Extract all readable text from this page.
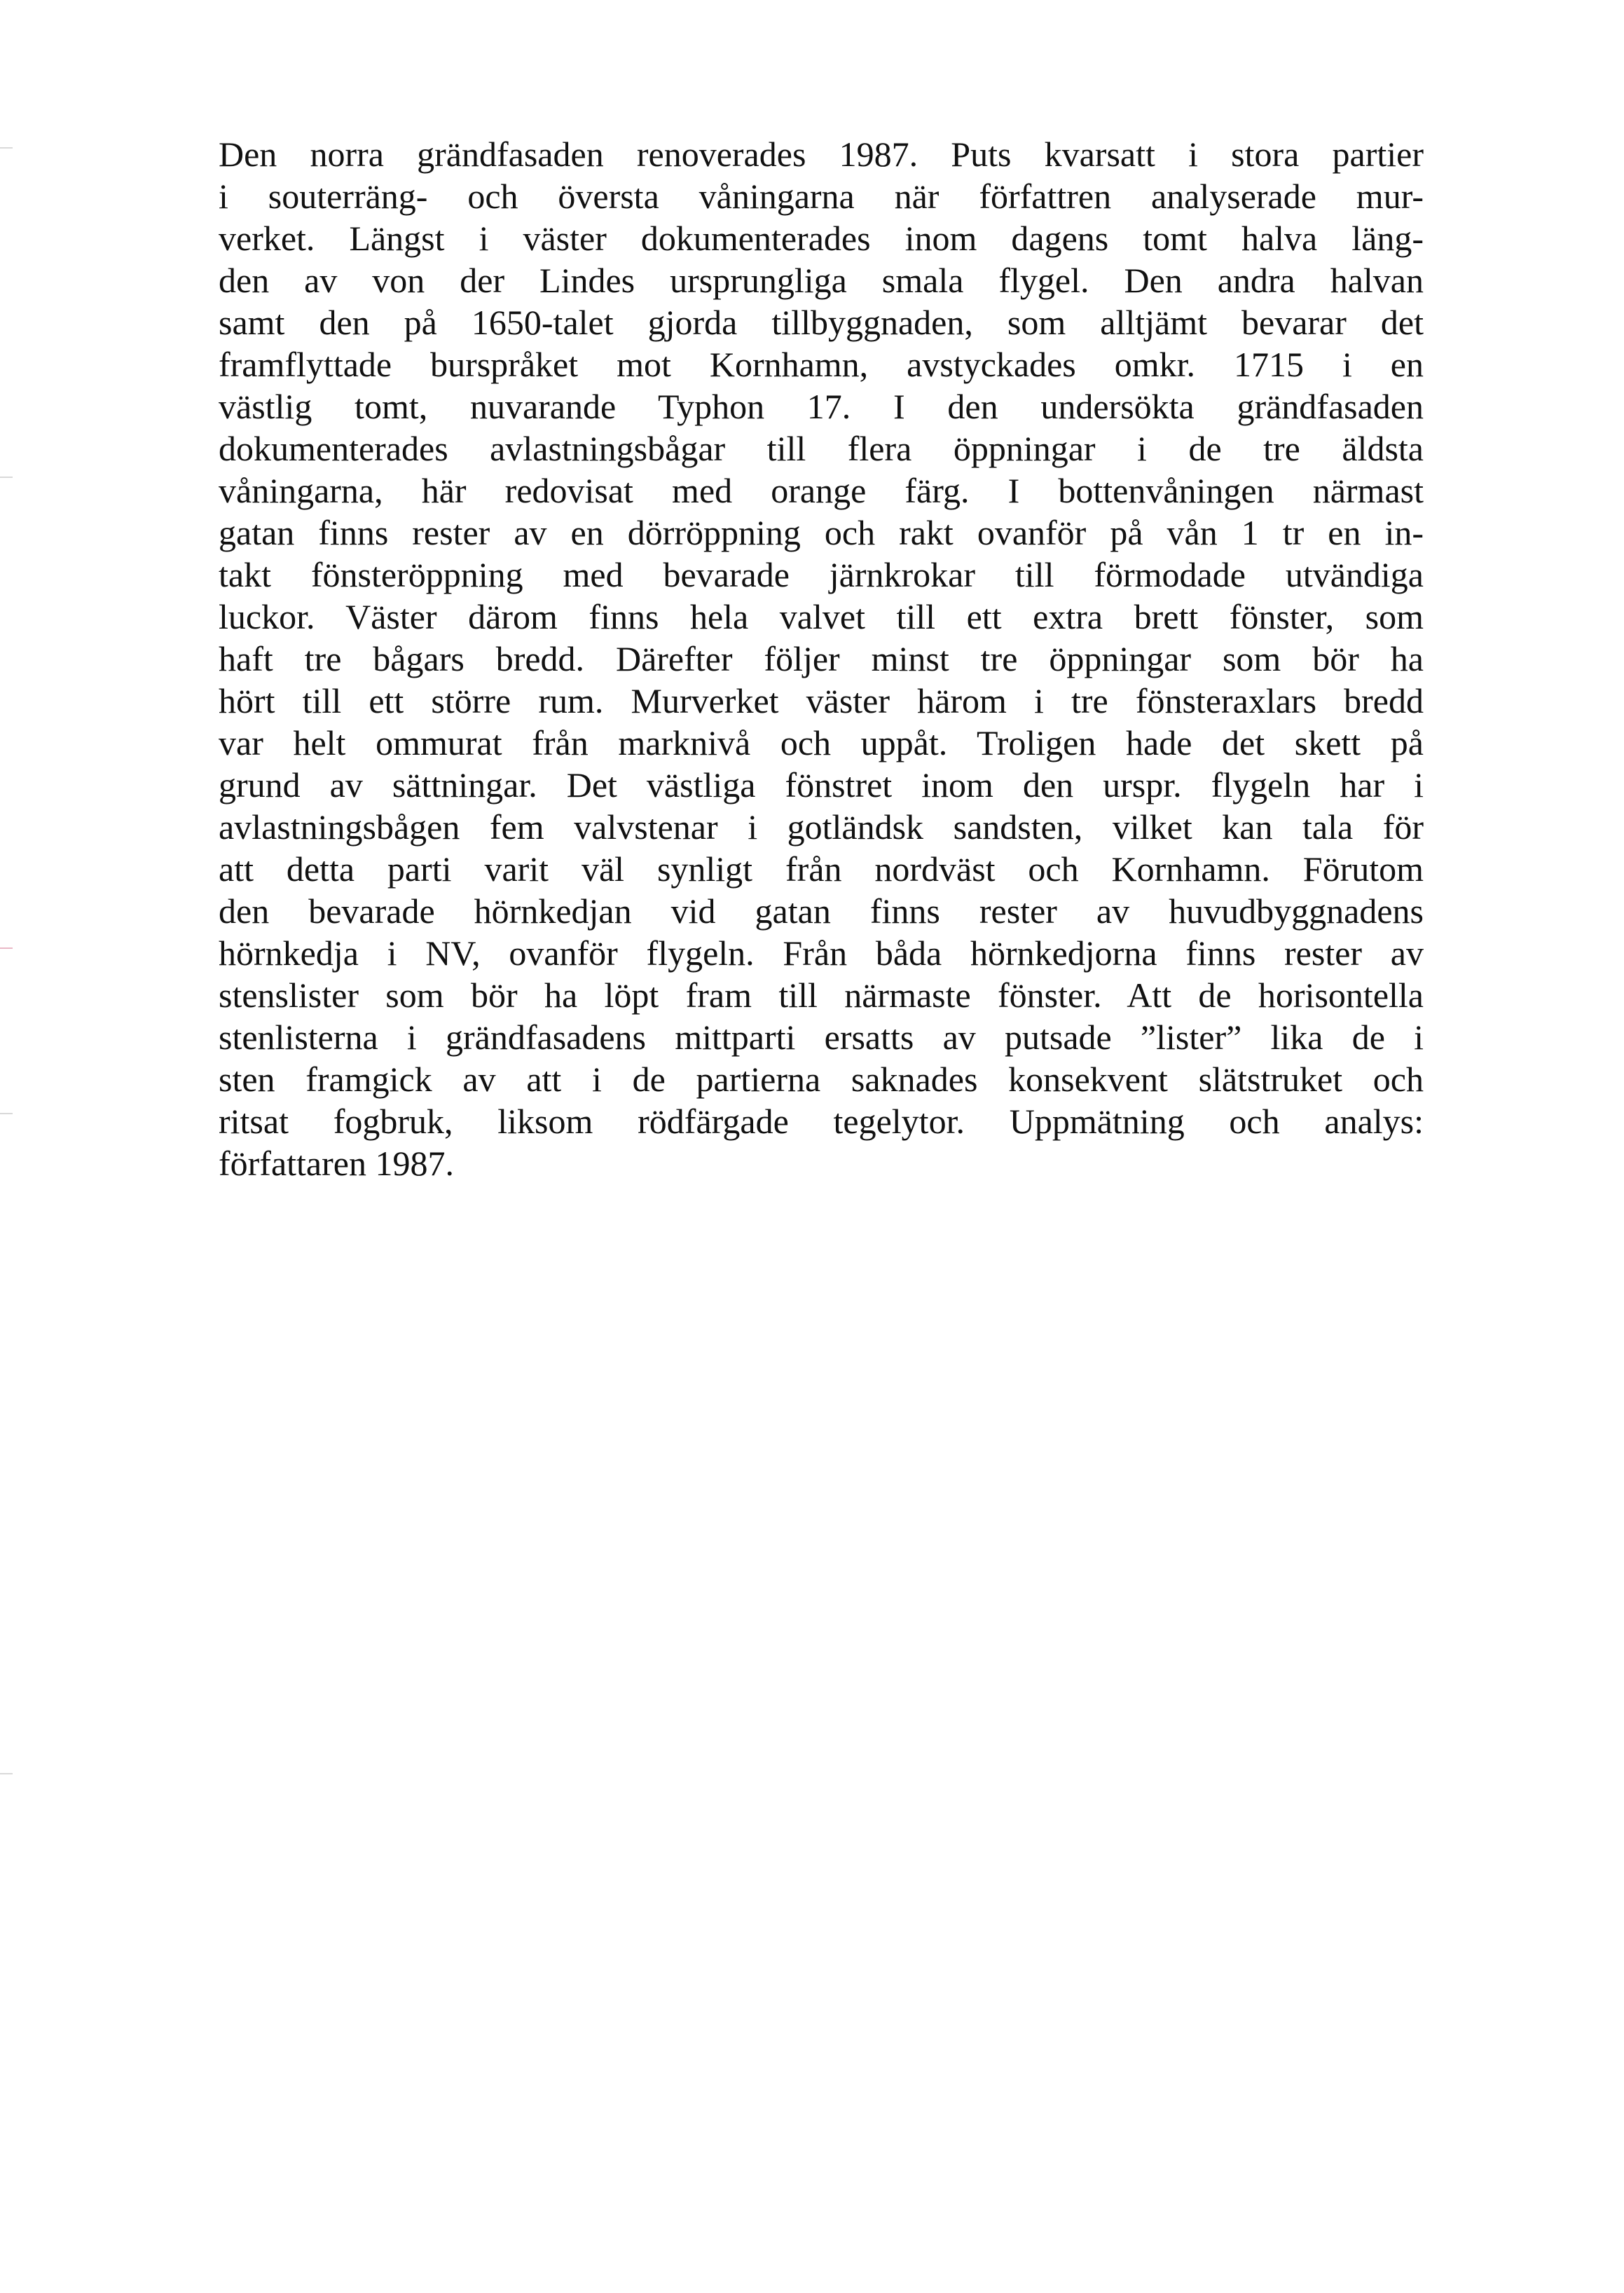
Den norra grändfasaden renoverades 1987. Puts kvarsatt i stora partier
i souterräng- och översta våningarna när författren analyserade mur-
verket. Längst i väster dokumenterades inom dagens tomt halva läng-
den av von der Lindes ursprungliga smala flygel. Den andra halvan
samt den på 1650-talet gjorda tillbyggnaden, som alltjämt bevarar det
framflyttade burspråket mot Kornhamn, avstyckades omkr. 1715 i en
västlig tomt, nuvarande Typhon 17. I den undersökta grändfasaden
dokumenterades avlastningsbågar till flera öppningar i de tre äldsta
våningarna, här redovisat med orange färg. I bottenvåningen närmast
gatan finns rester av en dörröppning och rakt ovanför på vån 1 tr en in-
takt fönsteröppning med bevarade järnkrokar till förmodade utvändiga
luckor. Väster därom finns hela valvet till ett extra brett fönster, som
haft tre bågars bredd. Därefter följer minst tre öppningar som bör ha
hört till ett större rum. Murverket väster härom i tre fönsteraxlars bredd
var helt ommurat från marknivå och uppåt. Troligen hade det skett på
grund av sättningar. Det västliga fönstret inom den urspr. flygeln har i
avlastningsbågen fem valvstenar i gotländsk sandsten, vilket kan tala för
att detta parti varit väl synligt från nordväst och Kornhamn. Förutom
den bevarade hörnkedjan vid gatan finns rester av huvudbyggnadens
hörnkedja i NV, ovanför flygeln. Från båda hörnkedjorna finns rester av
stenslister som bör ha löpt fram till närmaste fönster. Att de horisontella
stenlisterna i grändfasadens mittparti ersatts av putsade ”lister” lika de i
sten framgick av att i de partierna saknades konsekvent slätstruket och
ritsat fogbruk, liksom rödfärgade tegelytor. Uppmätning och analys:
författaren 1987.
